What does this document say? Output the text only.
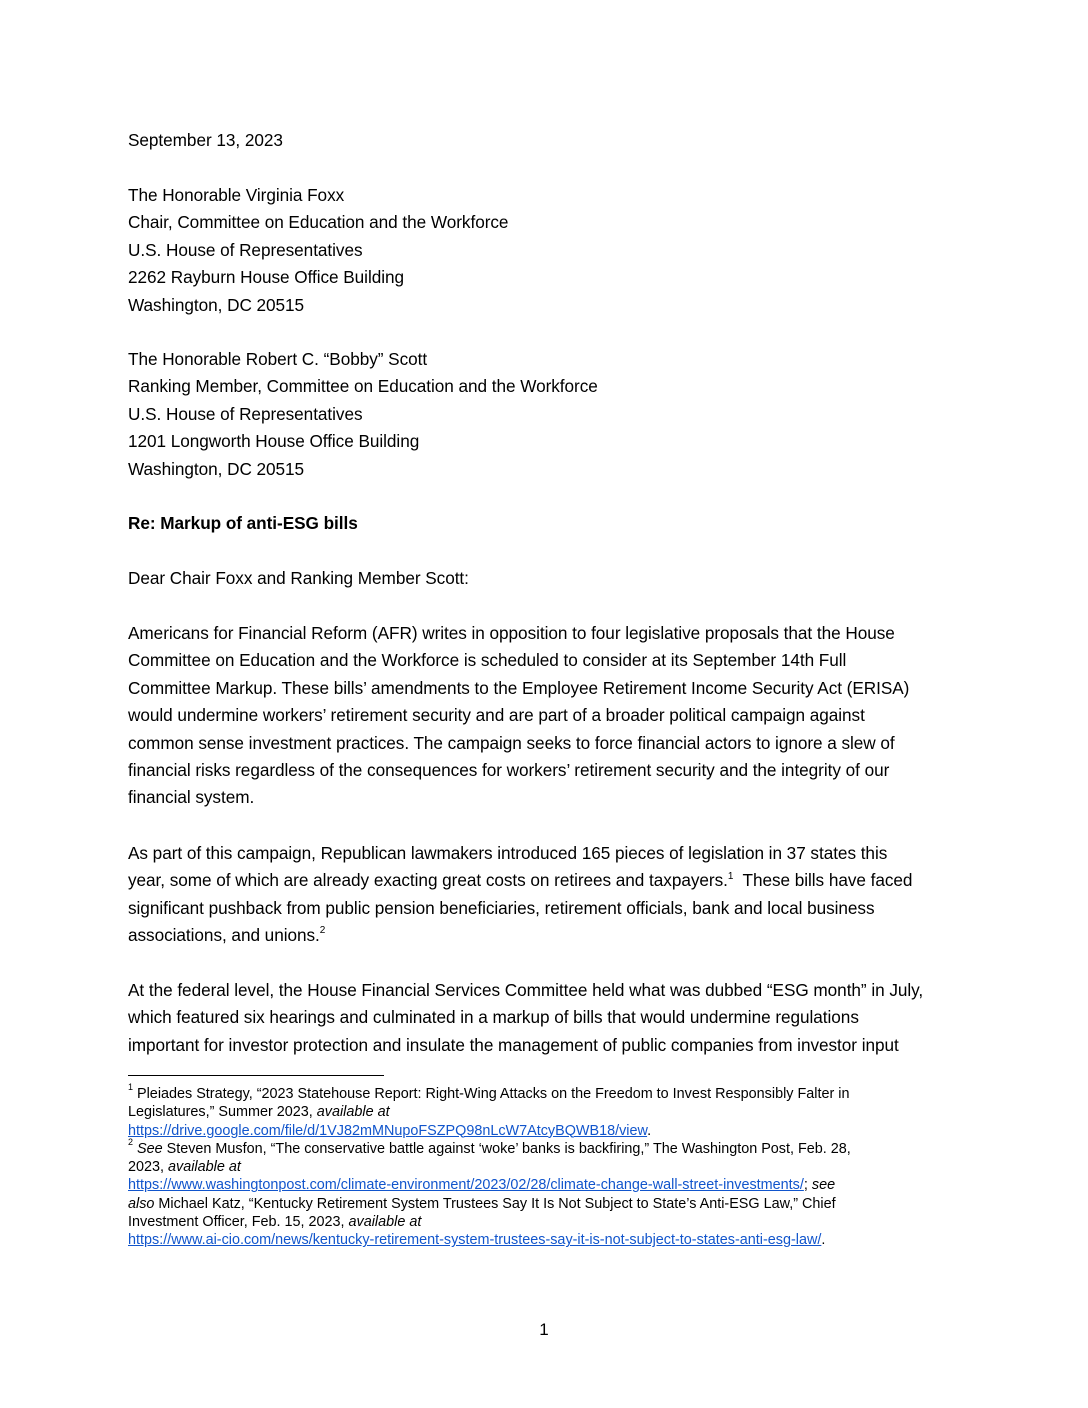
September 13, 2023
The Honorable Virginia Foxx
Chair, Committee on Education and the Workforce
U.S. House of Representatives
2262 Rayburn House Office Building
Washington, DC 20515
The Honorable Robert C. “Bobby” Scott
Ranking Member, Committee on Education and the Workforce
U.S. House of Representatives
1201 Longworth House Office Building
Washington, DC 20515
Re: Markup of anti-ESG bills
Dear Chair Foxx and Ranking Member Scott:
Americans for Financial Reform (AFR) writes in opposition to four legislative proposals that the House
Committee on Education and the Workforce is scheduled to consider at its September 14th Full
Committee Markup. These bills’ amendments to the Employee Retirement Income Security Act (ERISA)
would undermine workers’ retirement security and are part of a broader political campaign against
common sense investment practices. The campaign seeks to force financial actors to ignore a slew of
financial risks regardless of the consequences for workers’ retirement security and the integrity of our
financial system.
As part of this campaign, Republican lawmakers introduced 165 pieces of legislation in 37 states this
year, some of which are already exacting great costs on retirees and taxpayers.$^1$  These bills have faced
significant pushback from public pension beneficiaries, retirement officials, bank and local business
associations, and unions.$^2$
At the federal level, the House Financial Services Committee held what was dubbed “ESG month” in July,
which featured six hearings and culminated in a markup of bills that would undermine regulations
important for investor protection and insulate the management of public companies from investor input
$^1$ Pleiades Strategy, “2023 Statehouse Report: Right-Wing Attacks on the Freedom to Invest Responsibly Falter in
Legislatures,” Summer 2023, available at
https://drive.google.com/file/d/1VJ82mMNupoFSZPQ98nLcW7AtcyBQWB18/view.
$^2$ See Steven Musfon, “The conservative battle against ‘woke’ banks is backfiring,” The Washington Post, Feb. 28,
2023, available at
https://www.washingtonpost.com/climate-environment/2023/02/28/climate-change-wall-street-investments/; see
also Michael Katz, “Kentucky Retirement System Trustees Say It Is Not Subject to State’s Anti-ESG Law,” Chief
Investment Officer, Feb. 15, 2023, available at
https://www.ai-cio.com/news/kentucky-retirement-system-trustees-say-it-is-not-subject-to-states-anti-esg-law/.
1
